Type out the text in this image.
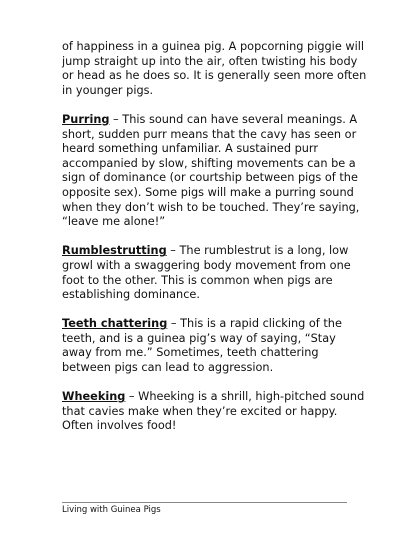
of happiness in a guinea pig. A popcorning piggie will jump straight up into the air, often twisting his body or head as he does so. It is generally seen more often in younger pigs.

Purring – This sound can have several meanings. A short, sudden purr means that the cavy has seen or heard something unfamiliar. A sustained purr accompanied by slow, shifting movements can be a sign of dominance (or courtship between pigs of the opposite sex). Some pigs will make a purring sound when they don’t wish to be touched. They’re saying, “leave me alone!”

Rumblestrutting – The rumblestrut is a long, low growl with a swaggering body movement from one foot to the other. This is common when pigs are establishing dominance.

Teeth chattering – This is a rapid clicking of the teeth, and is a guinea pig’s way of saying, “Stay away from me.” Sometimes, teeth chattering between pigs can lead to aggression.

Wheeking – Wheeking is a shrill, high-pitched sound that cavies make when they’re excited or happy. Often involves food!

Living with Guinea Pigs
